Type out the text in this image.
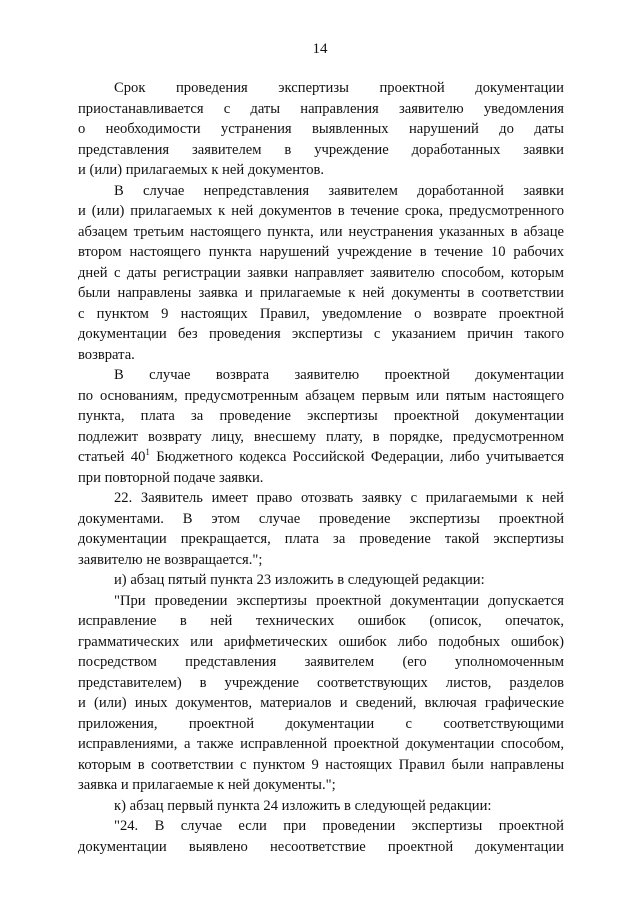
14

Срок проведения экспертизы проектной документации
приостанавливается с даты направления заявителю уведомления
о необходимости устранения выявленных нарушений до даты
представления заявителем в учреждение доработанных заявки
и (или) прилагаемых к ней документов.

В случае непредставления заявителем доработанной заявки
и (или) прилагаемых к ней документов в течение срока, предусмотренного
абзацем третьим настоящего пункта, или неустранения указанных в абзаце
втором настоящего пункта нарушений учреждение в течение 10 рабочих
дней с даты регистрации заявки направляет заявителю способом, которым
были направлены заявка и прилагаемые к ней документы в соответствии
с пунктом 9 настоящих Правил, уведомление о возврате проектной
документации без проведения экспертизы с указанием причин такого
возврата.

В случае возврата заявителю проектной документации
по основаниям, предусмотренным абзацем первым или пятым настоящего
пункта, плата за проведение экспертизы проектной документации
подлежит возврату лицу, внесшему плату, в порядке, предусмотренном
статьей 40$^1$ Бюджетного кодекса Российской Федерации, либо учитывается
при повторной подаче заявки.

22. Заявитель имеет право отозвать заявку с прилагаемыми к ней
документами. В этом случае проведение экспертизы проектной
документации прекращается, плата за проведение такой экспертизы
заявителю не возвращается.";

и) абзац пятый пункта 23 изложить в следующей редакции:

"При проведении экспертизы проектной документации допускается
исправление в ней технических ошибок (описок, опечаток,
грамматических или арифметических ошибок либо подобных ошибок)
посредством представления заявителем (его уполномоченным
представителем) в учреждение соответствующих листов, разделов
и (или) иных документов, материалов и сведений, включая графические
приложения, проектной документации с соответствующими
исправлениями, а также исправленной проектной документации способом,
которым в соответствии с пунктом 9 настоящих Правил были направлены
заявка и прилагаемые к ней документы.";

к) абзац первый пункта 24 изложить в следующей редакции:

"24. В случае если при проведении экспертизы проектной
документации выявлено несоответствие проектной документации
